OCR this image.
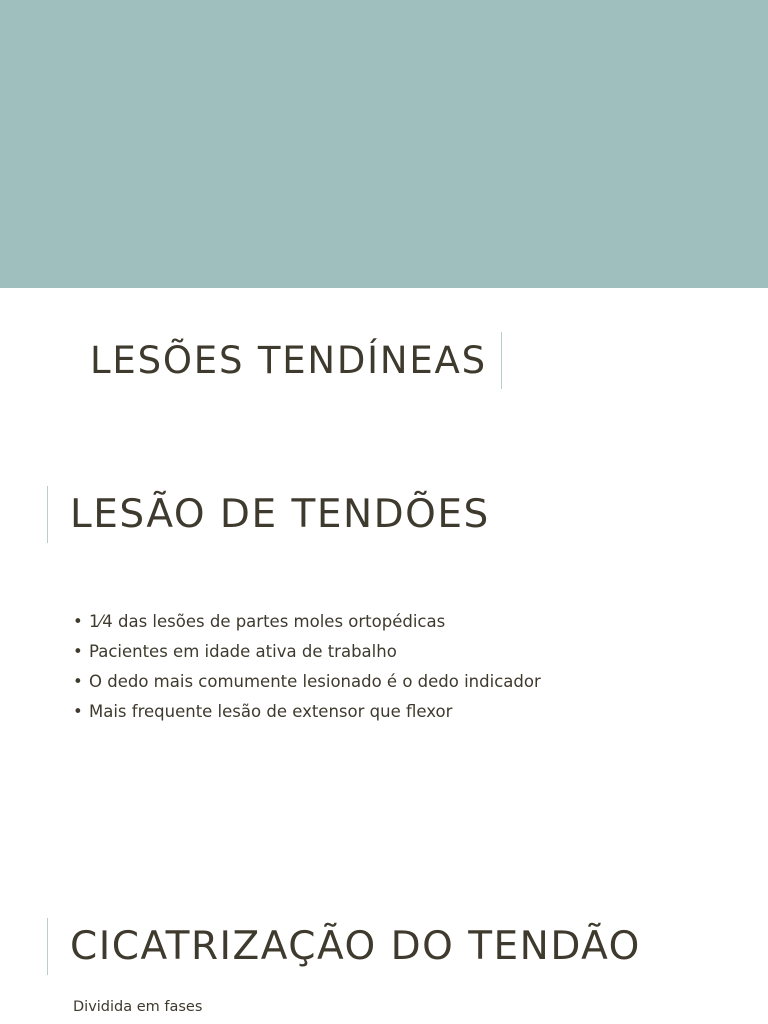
LESÕES TENDÍNEAS
LESÃO DE TENDÕES
• 1⁄4 das lesões de partes moles ortopédicas
• Pacientes em idade ativa de trabalho
• O dedo mais comumente lesionado é o dedo indicador
• Mais frequente lesão de extensor que flexor
CICATRIZAÇÃO DO TENDÃO
Dividida em fases
